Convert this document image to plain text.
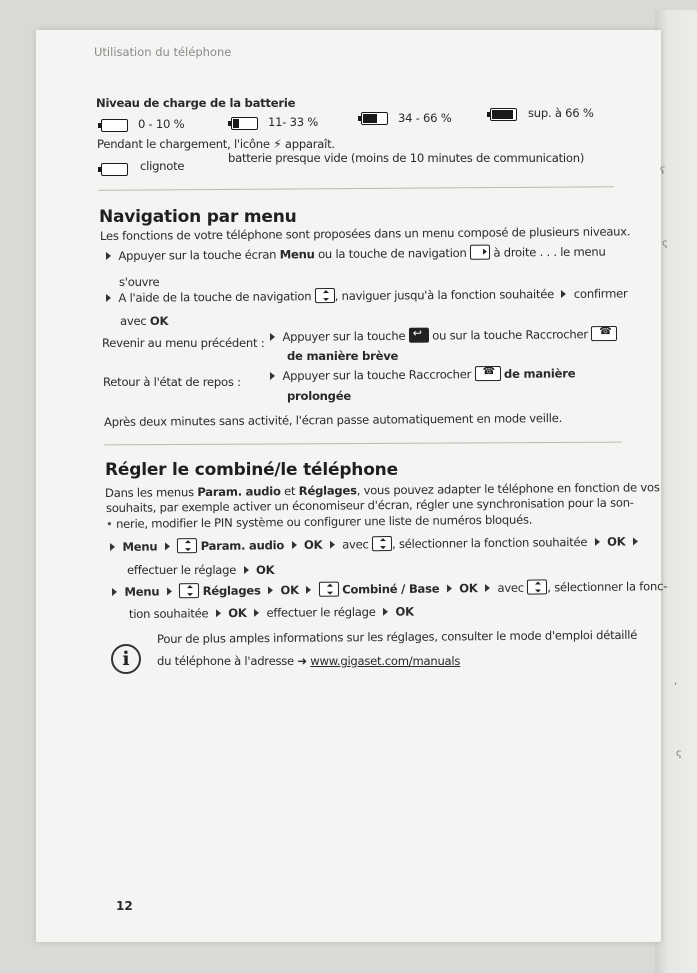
ʕ
ς
,
ς
Utilisation du téléphone
Niveau de charge de la batterie
0 - 10 %	11- 33 %	34 - 66 %	sup. à 66 %
Pendant le chargement, l'icône ⚡ apparaît.
clignote
batterie presque vide (moins de 10 minutes de communication)
Navigation par menu
Les fonctions de votre téléphone sont proposées dans un menu composé de plusieurs niveaux.
Appuyer sur la touche écran Menu ou la touche de navigation à droite . . . le menu
s'ouvre
A l'aide de la touche de navigation , naviguer jusqu'à la fonction souhaitée confirmer
avec OK
Revenir au menu précédent :	Appuyer sur la touche ↩ ou sur la touche Raccrocher ☎
de manière brève
Retour à l'état de repos :	Appuyer sur la touche Raccrocher ☎	de manière
prolongée
Après deux minutes sans activité, l'écran passe automatiquement en mode veille.
Régler le combiné/le téléphone
Dans les menus Param. audio et Réglages, vous pouvez adapter le téléphone en fonction de vos
souhaits, par exemple activer un économiseur d'écran, régler une synchronisation pour la son-
• nerie, modifier le PIN système ou configurer une liste de numéros bloqués.
Menu	Param. audio OK avec , sélectionner la fonction souhaitée OK
effectuer le réglage OK
Menu	Réglages OK	Combiné / Base OK avec , sélectionner la fonc-
tion souhaitée OK effectuer le réglage OK
i
Pour de plus amples informations sur les réglages, consulter le mode d'emploi détaillé
du téléphone à l'adresse ➜ www.gigaset.com/manuals
12
